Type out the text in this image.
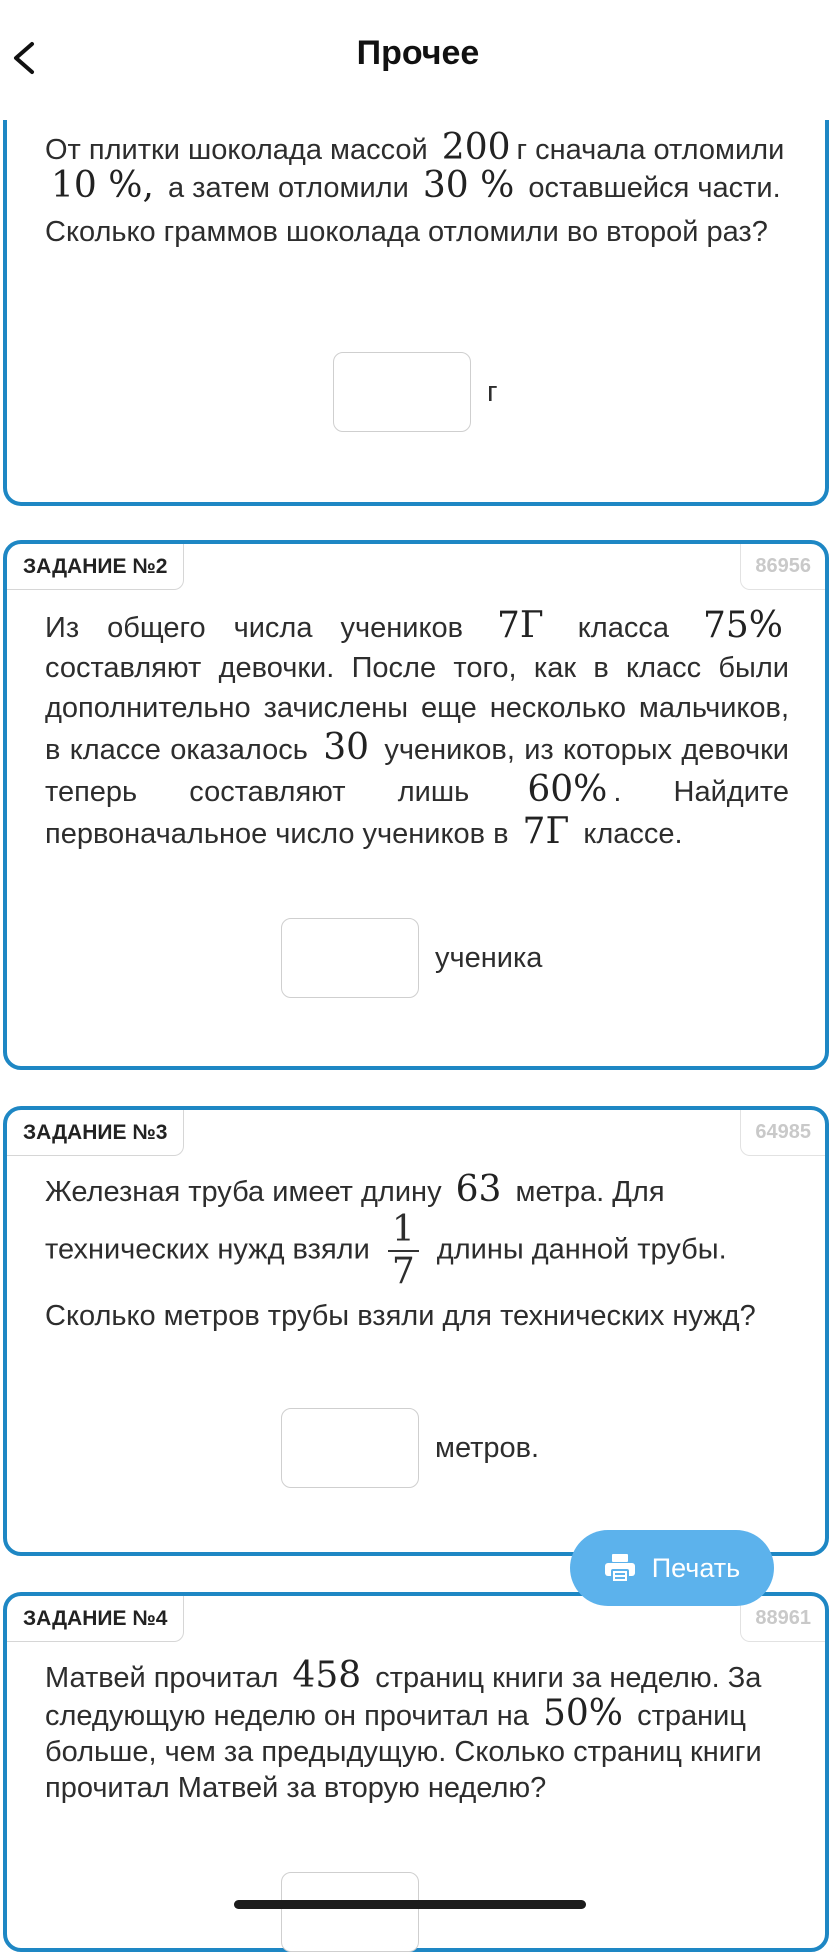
Прочее

От плитки шоколада массой 200 г сначала отломили 10 %, а затем отломили 30 % оставшейся части.

Сколько граммов шоколада отломили во второй раз?

г
ЗАДАНИЕ №2	86956

Из общего числа учеников 7Г класса 75% составляют девочки. После того, как в класс были дополнительно зачислены еще несколько мальчиков, в классе оказалось 30 учеников, из которых девочки теперь составляют лишь 60% . Найдите первоначальное число учеников в 7Г классе.

ученика
ЗАДАНИЕ №3	64985

Железная труба имеет длину 63 метра. Для технических нужд взяли $\frac{1}{7}$ длины данной трубы.

Сколько метров трубы взяли для технических нужд?

метров.
Печать
ЗАДАНИЕ №4	88961

Матвей прочитал 458 страниц книги за неделю. За следующую неделю он прочитал на 50% страниц больше, чем за предыдущую. Сколько страниц книги прочитал Матвей за вторую неделю?
